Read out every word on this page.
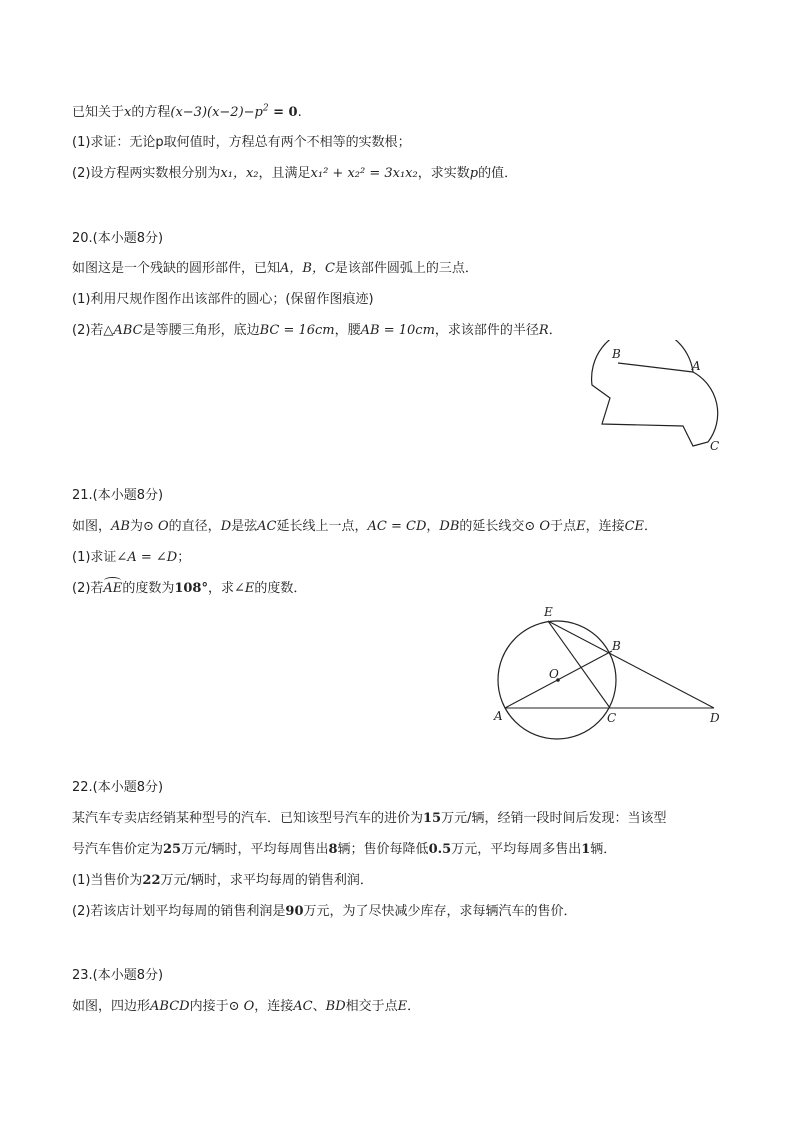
已知关于x的方程$(x-3)(x-2)-p^2 = 0$.
(1)求证：无论p取何值时，方程总有两个不相等的实数根；
(2)设方程两实数根分别为x₁，x₂，且满足x₁² + x₂² = 3x₁x₂，求实数p的值．
20.(本小题8分)
如图这是一个残缺的圆形部件，已知A，B，C是该部件圆弧上的三点．
(1)利用尺规作图作出该部件的圆心；(保留作图痕迹)
(2)若△ABC是等腰三角形，底边BC = 16cm，腰AB = 10cm，求该部件的半径R．
B
A
C
21.(本小题8分)
如图，AB为⊙ O的直径，D是弦AC延长线上一点，AC = CD，DB的延长线交⊙ O于点E，连接CE．
(1)求证∠A = ∠D；
(2)若AE的度数为108°，求∠E的度数．
E
B
O
A	C	D
22.(本小题8分)
某汽车专卖店经销某种型号的汽车．已知该型号汽车的进价为15万元/辆，经销一段时间后发现：当该型
号汽车售价定为25万元/辆时，平均每周售出8辆；售价每降低0.5万元，平均每周多售出1辆．
(1)当售价为22万元/辆时，求平均每周的销售利润．
(2)若该店计划平均每周的销售利润是90万元，为了尽快减少库存，求每辆汽车的售价．
23.(本小题8分)
如图，四边形ABCD内接于⊙ O，连接AC、BD相交于点E．
